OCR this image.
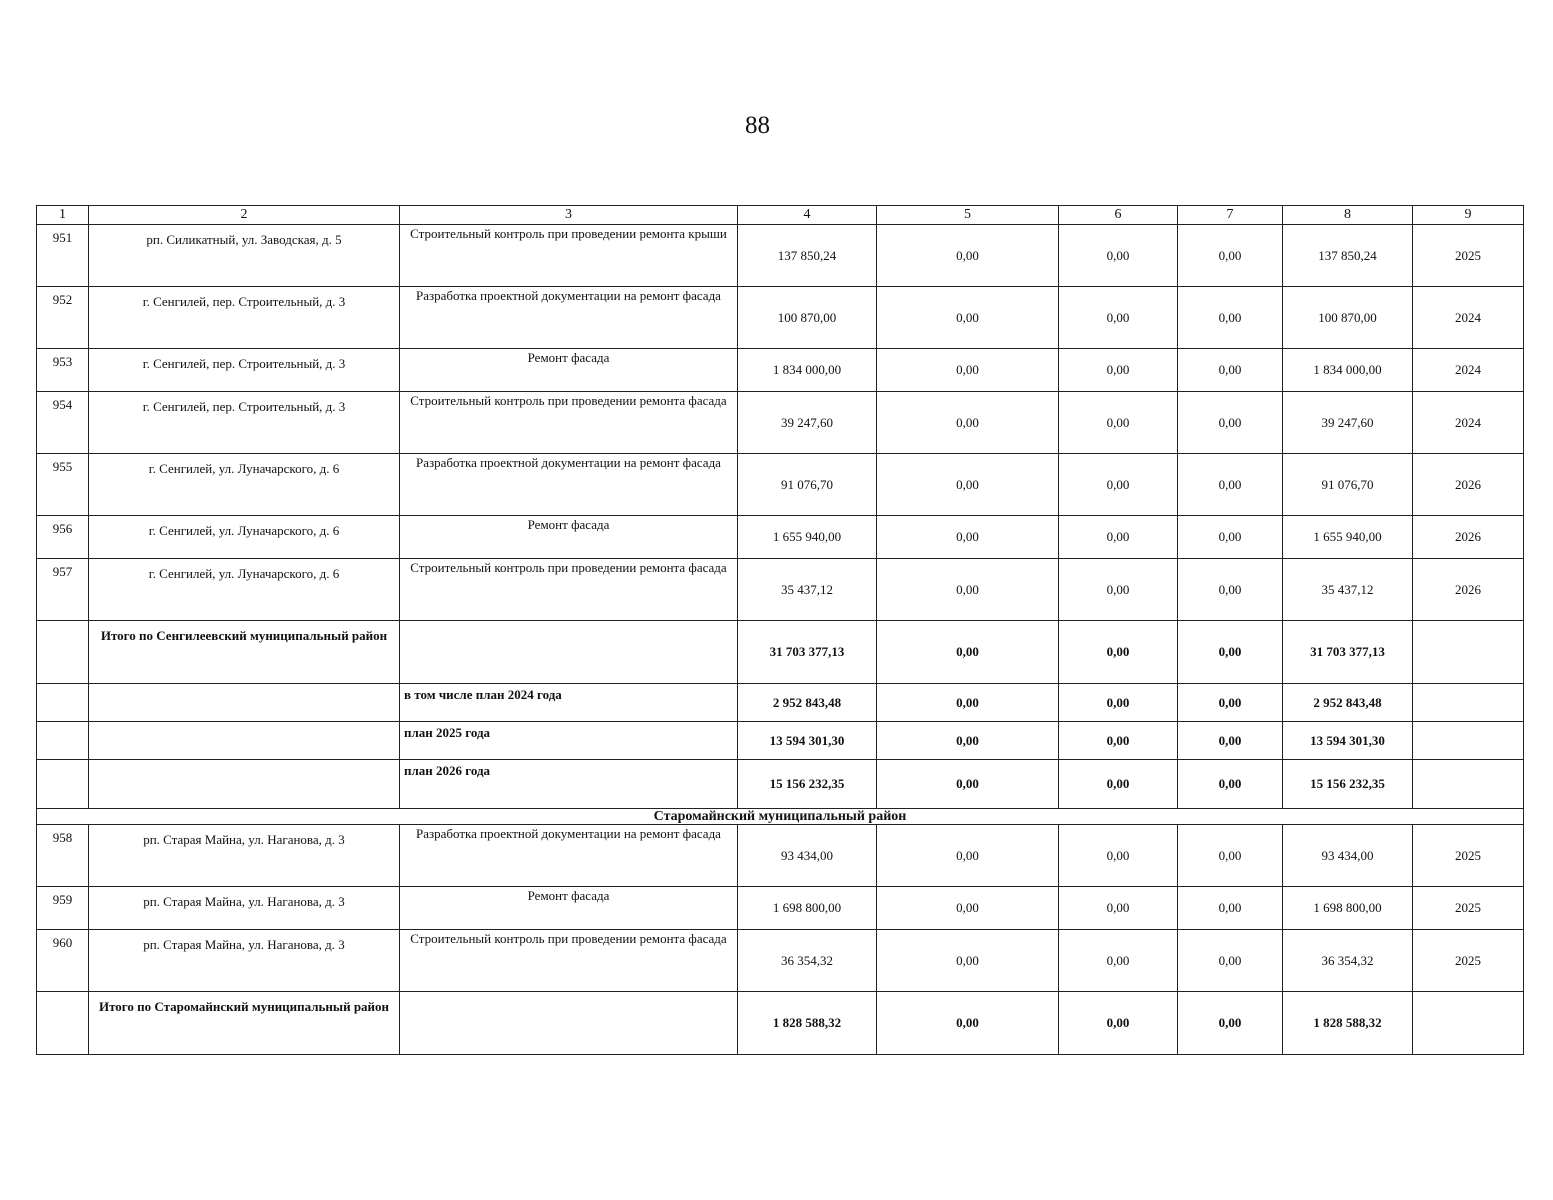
88
1	2	3	4	5	6	7	8	9
951	рп. Силикатный, ул. Заводская, д. 5	Строительный контроль при проведении ремонта крыши	137 850,24	0,00	0,00	0,00	137 850,24	2025
952	г. Сенгилей, пер. Строительный, д. 3	Разработка проектной документации на ремонт фасада	100 870,00	0,00	0,00	0,00	100 870,00	2024
953	г. Сенгилей, пер. Строительный, д. 3	Ремонт фасада	1 834 000,00	0,00	0,00	0,00	1 834 000,00	2024
954	г. Сенгилей, пер. Строительный, д. 3	Строительный контроль при проведении ремонта фасада	39 247,60	0,00	0,00	0,00	39 247,60	2024
955	г. Сенгилей, ул. Луначарского, д. 6	Разработка проектной документации на ремонт фасада	91 076,70	0,00	0,00	0,00	91 076,70	2026
956	г. Сенгилей, ул. Луначарского, д. 6	Ремонт фасада	1 655 940,00	0,00	0,00	0,00	1 655 940,00	2026
957	г. Сенгилей, ул. Луначарского, д. 6	Строительный контроль при проведении ремонта фасада	35 437,12	0,00	0,00	0,00	35 437,12	2026
	Итого по Сенгилеевский муниципальный район		31 703 377,13	0,00	0,00	0,00	31 703 377,13	
		в том числе план 2024 года	2 952 843,48	0,00	0,00	0,00	2 952 843,48	
		план 2025 года	13 594 301,30	0,00	0,00	0,00	13 594 301,30	
		план 2026 года	15 156 232,35	0,00	0,00	0,00	15 156 232,35	
Старомайнский муниципальный район								
958	рп. Старая Майна, ул. Наганова, д. 3	Разработка проектной документации на ремонт фасада	93 434,00	0,00	0,00	0,00	93 434,00	2025
959	рп. Старая Майна, ул. Наганова, д. 3	Ремонт фасада	1 698 800,00	0,00	0,00	0,00	1 698 800,00	2025
960	рп. Старая Майна, ул. Наганова, д. 3	Строительный контроль при проведении ремонта фасада	36 354,32	0,00	0,00	0,00	36 354,32	2025
	Итого по Старомайнский муниципальный район		1 828 588,32	0,00	0,00	0,00	1 828 588,32	
